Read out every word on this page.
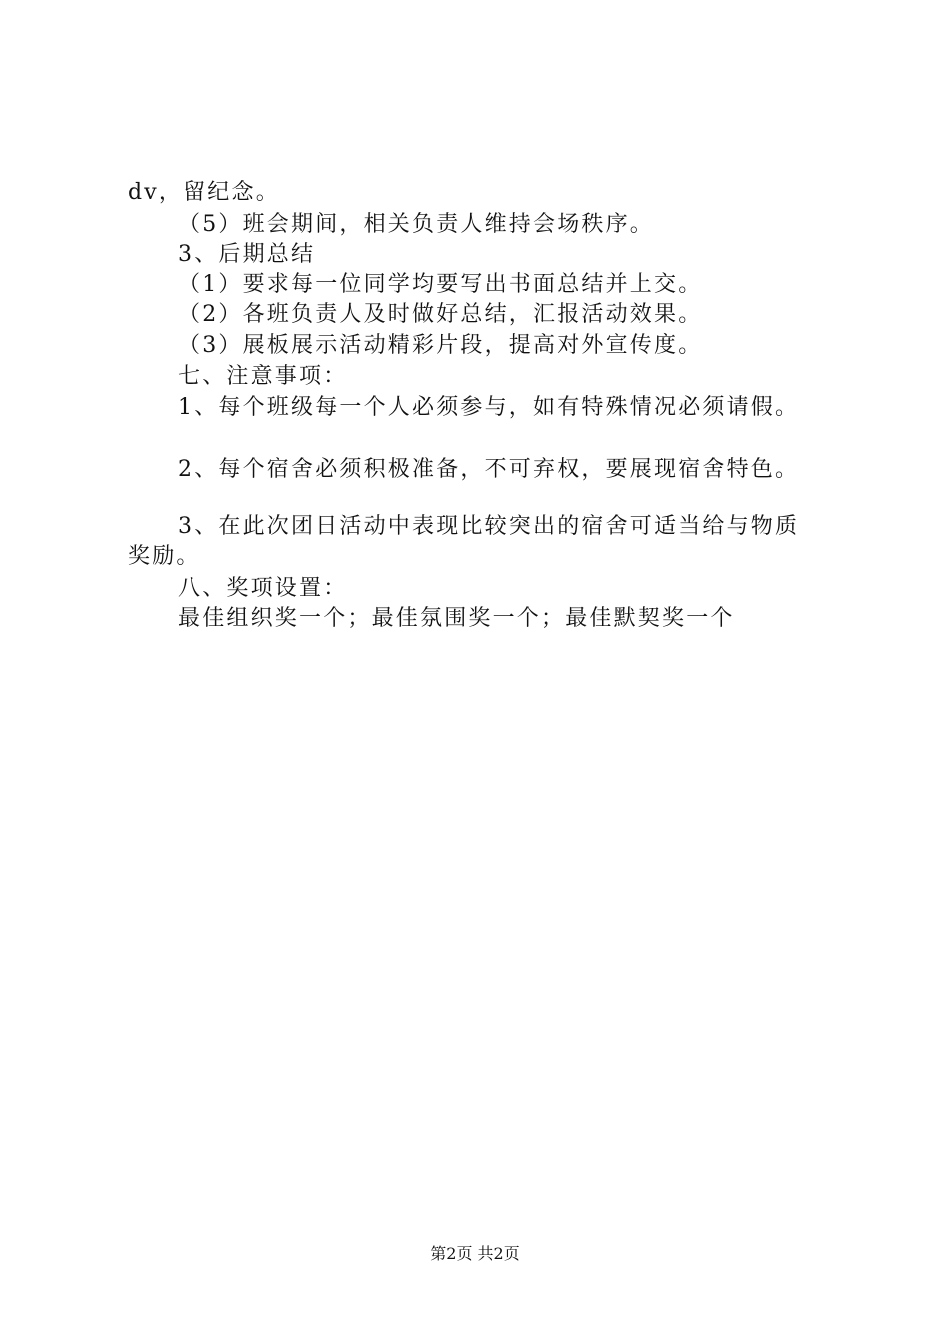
dv，留纪念。
（5）班会期间，相关负责人维持会场秩序。
3、后期总结
（1）要求每一位同学均要写出书面总结并上交。
（2）各班负责人及时做好总结，汇报活动效果。
（3）展板展示活动精彩片段，提高对外宣传度。
七、注意事项：
1、每个班级每一个人必须参与，如有特殊情况必须请假。
2、每个宿舍必须积极准备，不可弃权，要展现宿舍特色。
3、在此次团日活动中表现比较突出的宿舍可适当给与物质
奖励。
八、奖项设置：
最佳组织奖一个；最佳氛围奖一个；最佳默契奖一个
第2页 共2页
